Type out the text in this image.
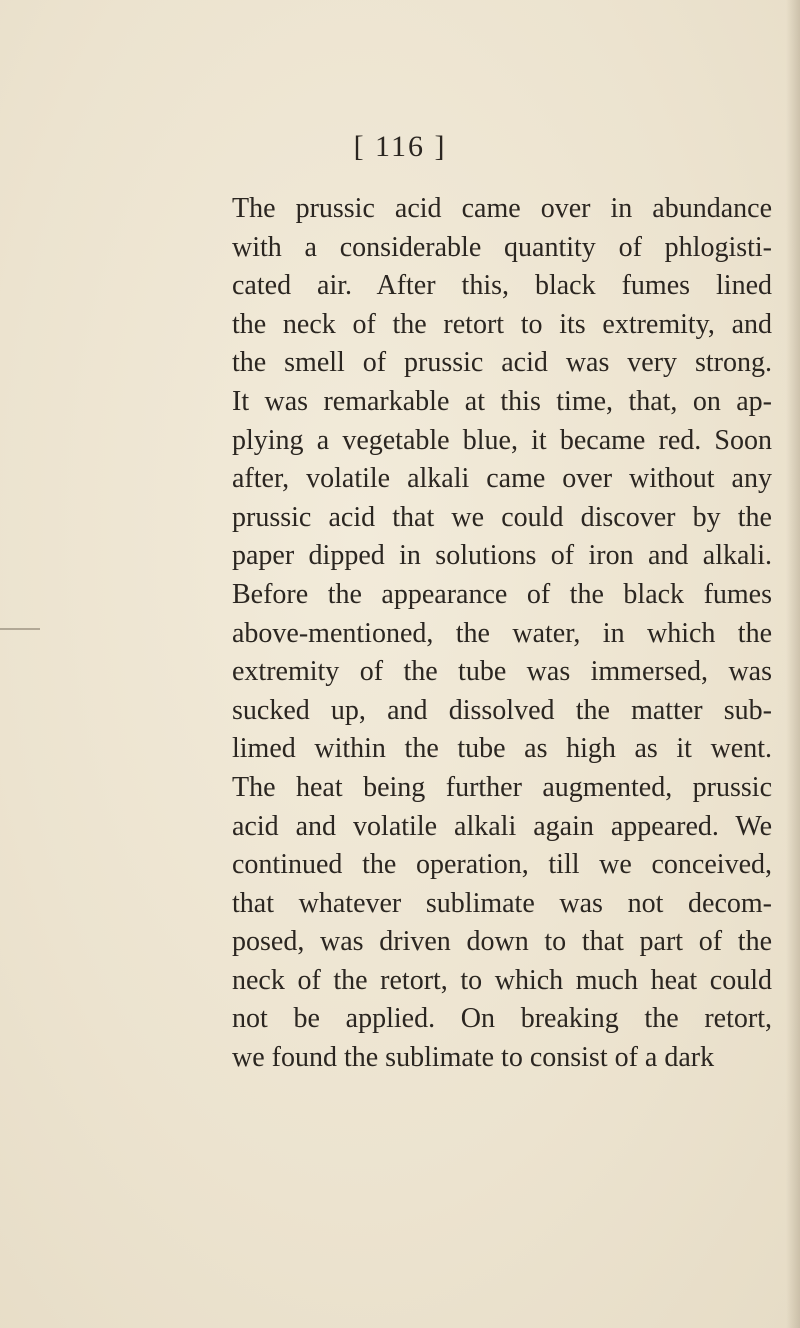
[ 116 ]

The prussic acid came over in abundance
with a considerable quantity of phlogisti-
cated air. After this, black fumes lined
the neck of the retort to its extremity, and
the smell of prussic acid was very strong.
It was remarkable at this time, that, on ap-
plying a vegetable blue, it became red. Soon
after, volatile alkali came over without any
prussic acid that we could discover by the
paper dipped in solutions of iron and alkali.
Before the appearance of the black fumes
above-mentioned, the water, in which the
extremity of the tube was immersed, was
sucked up, and dissolved the matter sub-
limed within the tube as high as it went.
The heat being further augmented, prussic
acid and volatile alkali again appeared. We
continued the operation, till we conceived,
that whatever sublimate was not decom-
posed, was driven down to that part of the
neck of the retort, to which much heat could
not be applied. On breaking the retort,
we found the sublimate to consist of a dark
